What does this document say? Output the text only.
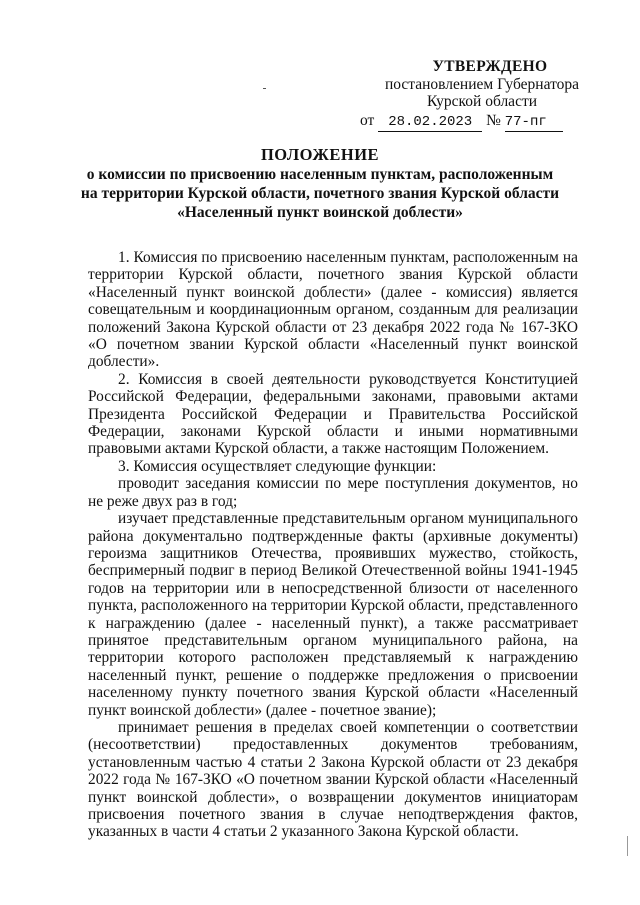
УТВЕРЖДЕНО
постановлением Губернатора
Курской области
от 28.02.2023 № 77-пг
ПОЛОЖЕНИЕ
о комиссии по присвоению населенным пунктам, расположенным
на территории Курской области, почетного звания Курской области
«Населенный пункт воинской доблести»

1. Комиссия по присвоению населенным пунктам, расположенным на территории Курской области, почетного звания Курской области «Населенный пункт воинской доблести» (далее - комиссия) является совещательным и координационным органом, созданным для реализации положений Закона Курской области от 23 декабря 2022 года № 167-ЗКО «О почетном звании Курской области «Населенный пункт воинской доблести».

2. Комиссия в своей деятельности руководствуется Конституцией Российской Федерации, федеральными законами, правовыми актами Президента Российской Федерации и Правительства Российской Федерации, законами Курской области и иными нормативными правовыми актами Курской области, а также настоящим Положением.

3. Комиссия осуществляет следующие функции:

проводит заседания комиссии по мере поступления документов, но не реже двух раз в год;

изучает представленные представительным органом муниципального района документально подтвержденные факты (архивные документы) героизма защитников Отечества, проявивших мужество, стойкость, беспримерный подвиг в период Великой Отечественной войны 1941-1945 годов на территории или в непосредственной близости от населенного пункта, расположенного на территории Курской области, представленного к награждению (далее - населенный пункт), а также рассматривает принятое представительным органом муниципального района, на территории которого расположен представляемый к награждению населенный пункт, решение о поддержке предложения о присвоении населенному пункту почетного звания Курской области «Населенный пункт воинской доблести» (далее - почетное звание);

принимает решения в пределах своей компетенции о соответствии (несоответствии) предоставленных документов требованиям, установленным частью 4 статьи 2 Закона Курской области от 23 декабря 2022 года № 167-ЗКО «О почетном звании Курской области «Населенный пункт воинской доблести», о возвращении документов инициаторам присвоения почетного звания в случае неподтверждения фактов, указанных в части 4 статьи 2 указанного Закона Курской области.
